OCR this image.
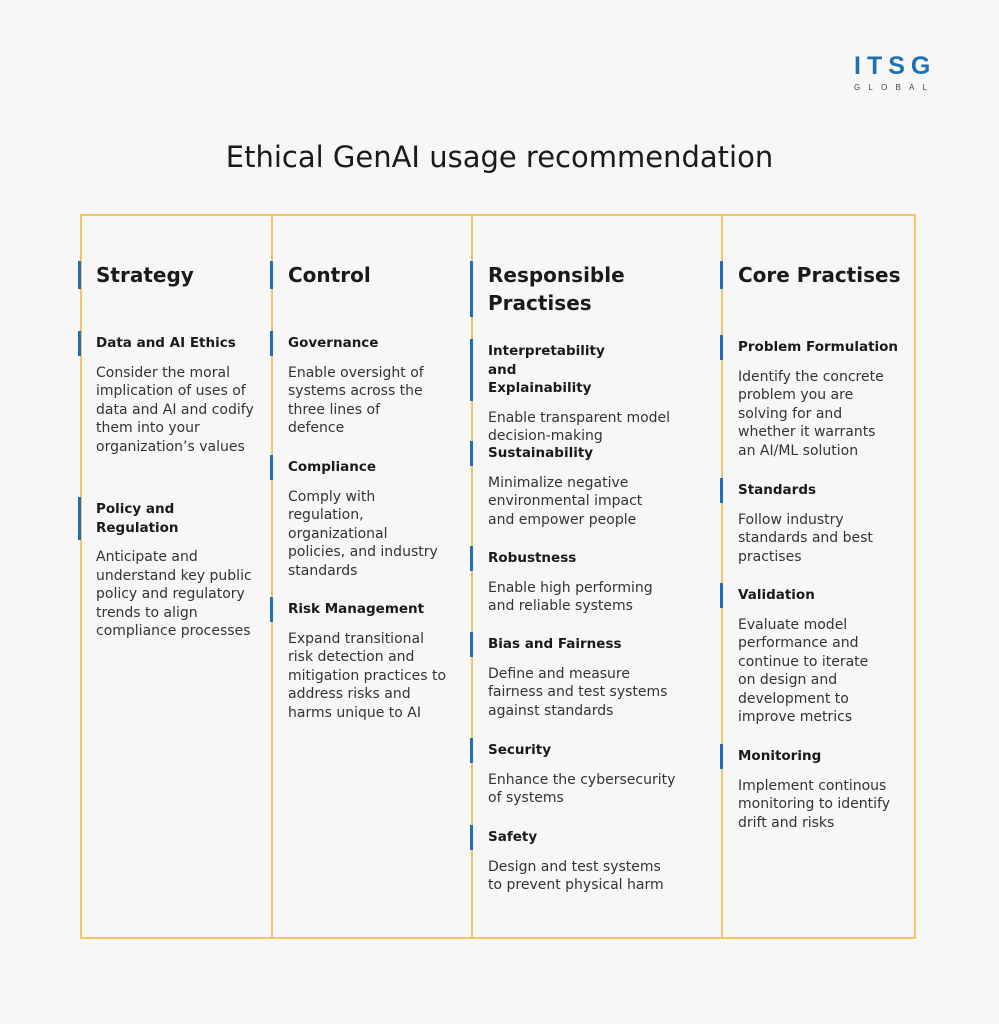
ITSG
GLOBAL
Ethical GenAI usage recommendation
Strategy
Data and AI Ethics
Consider the moral implication of uses of data and AI and codify them into your organization’s values
Policy and Regulation
Anticipate and understand key public policy and regulatory trends to align compliance processes
Control
Governance
Enable oversight of systems across the three lines of defence
Compliance
Comply with regulation, organizational policies, and industry standards
Risk Management
Expand transitional risk detection and mitigation practices to address risks and harms unique to AI
Responsible Practises
Interpretability and Explainability
Enable transparent model decision-making
Sustainability
Minimalize negative environmental impact and empower people
Robustness
Enable high performing and reliable systems
Bias and Fairness
Define and measure fairness and test systems against standards
Security
Enhance the cybersecurity of systems
Safety
Design and test systems to prevent physical harm
Core Practises
Problem Formulation
Identify the concrete problem you are solving for and whether it warrants an AI/ML solution
Standards
Follow industry standards and best practises
Validation
Evaluate model performance and continue to iterate on design and development to improve metrics
Monitoring
Implement continous monitoring to identify drift and risks
